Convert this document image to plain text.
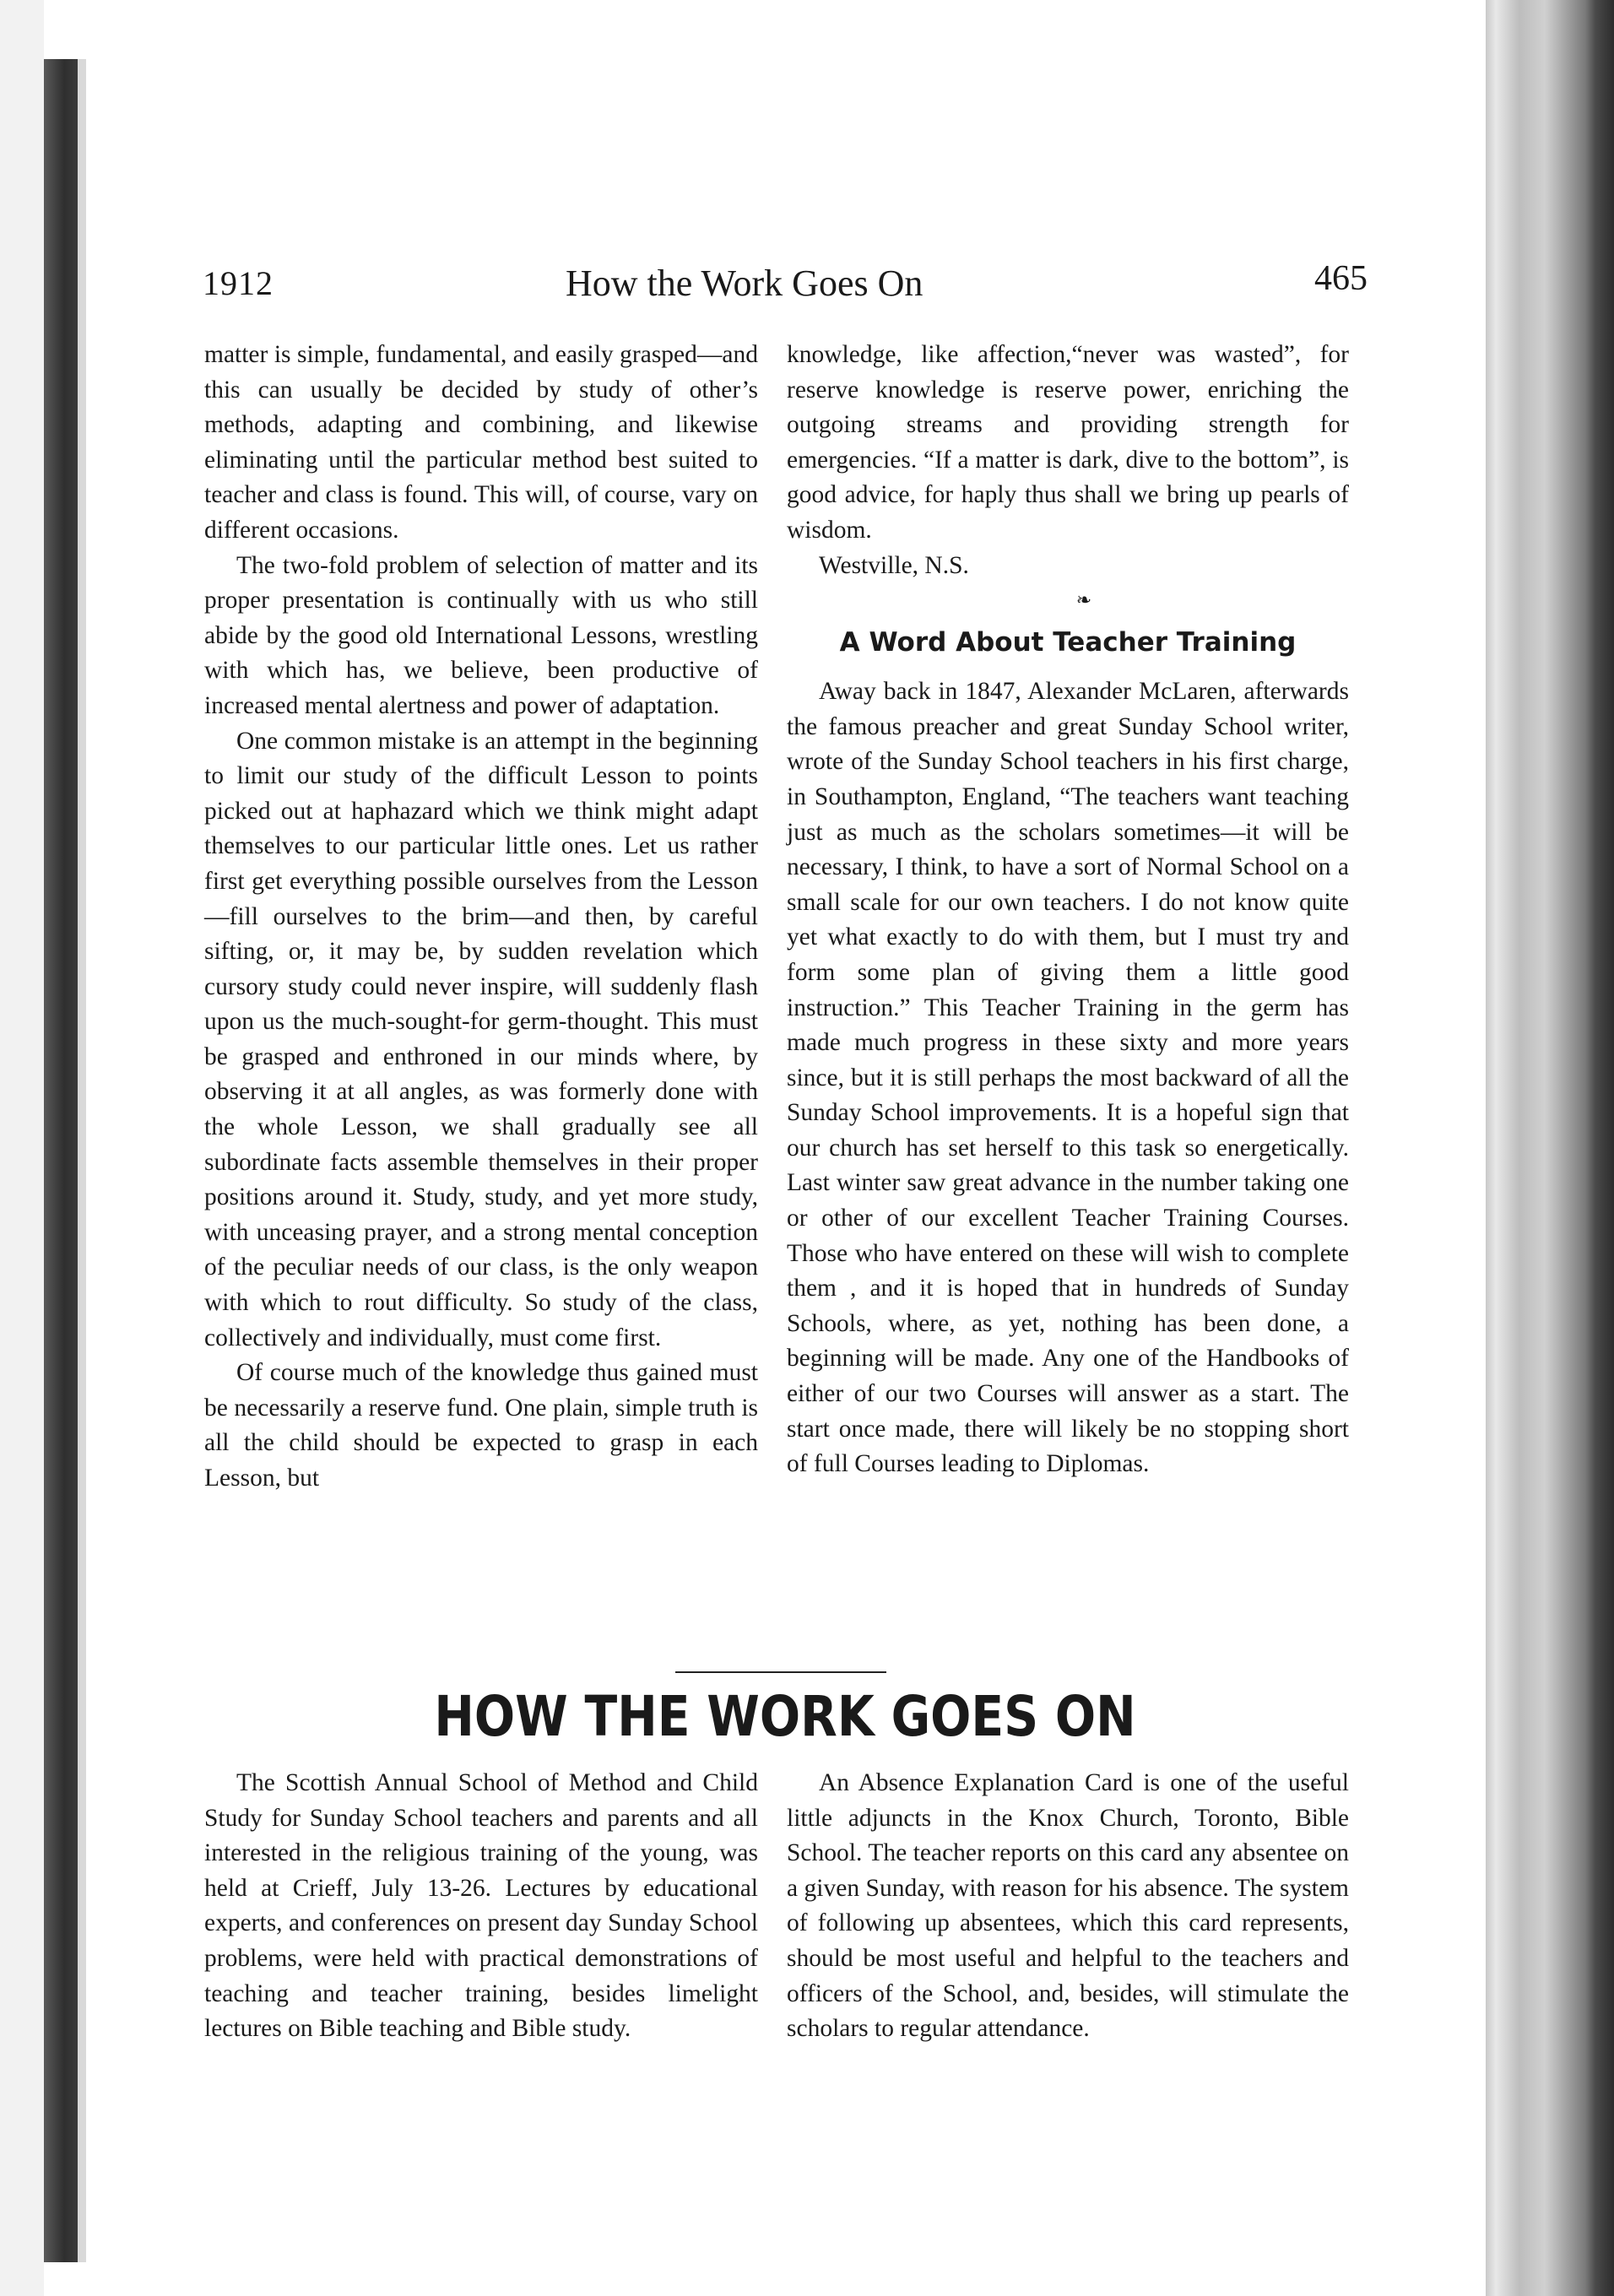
1912	How the Work Goes On	465

matter is simple, fundamental, and easily grasped—and this can usually be decided by study of other’s methods, adapting and combining, and likewise eliminating until the particular method best suited to teacher and class is found. This will, of course, vary on different occasions.

The two-fold problem of selection of matter and its proper presentation is continually with us who still abide by the good old International Lessons, wrestling with which has, we believe, been productive of increased mental alertness and power of adaptation.

One common mistake is an attempt in the beginning to limit our study of the difficult Lesson to points picked out at haphazard which we think might adapt themselves to our particular little ones. Let us rather first get everything possible ourselves from the Lesson—fill ourselves to the brim—and then, by careful sifting, or, it may be, by sudden revelation which cursory study could never inspire, will suddenly flash upon us the much-sought-for germ-thought. This must be grasped and enthroned in our minds where, by observing it at all angles, as was formerly done with the whole Lesson, we shall gradually see all subordinate facts assemble themselves in their proper positions around it. Study, study, and yet more study, with unceasing prayer, and a strong mental conception of the peculiar needs of our class, is the only weapon with which to rout difficulty. So study of the class, collectively and individually, must come first.

Of course much of the knowledge thus gained must be necessarily a reserve fund. One plain, simple truth is all the child should be expected to grasp in each Lesson, but

knowledge, like affection,“never was wasted”, for reserve knowledge is reserve power, enriching the outgoing streams and providing strength for emergencies. “If a matter is dark, dive to the bottom”, is good advice, for haply thus shall we bring up pearls of wisdom.

Westville, N.S.

❧

A Word About Teacher Training

Away back in 1847, Alexander McLaren, afterwards the famous preacher and great Sunday School writer, wrote of the Sunday School teachers in his first charge, in Southampton, England, “The teachers want teaching just as much as the scholars sometimes—it will be necessary, I think, to have a sort of Normal School on a small scale for our own teachers. I do not know quite yet what exactly to do with them, but I must try and form some plan of giving them a little good instruction.” This Teacher Training in the germ has made much progress in these sixty and more years since, but it is still perhaps the most backward of all the Sunday School improvements. It is a hopeful sign that our church has set herself to this task so energetically. Last winter saw great advance in the number taking one or other of our excellent Teacher Training Courses. Those who have entered on these will wish to complete them , and it is hoped that in hundreds of Sunday Schools, where, as yet, nothing has been done, a beginning will be made. Any one of the Handbooks of either of our two Courses will answer as a start. The start once made, there will likely be no stopping short of full Courses leading to Diplomas.

HOW THE WORK GOES ON

The Scottish Annual School of Method and Child Study for Sunday School teachers and parents and all interested in the religious training of the young, was held at Crieff, July 13-26. Lectures by educational experts, and conferences on present day Sunday School problems, were held with practical demonstrations of teaching and teacher training, besides limelight lectures on Bible teaching and Bible study.

An Absence Explanation Card is one of the useful little adjuncts in the Knox Church, Toronto, Bible School. The teacher reports on this card any absentee on a given Sunday, with reason for his absence. The system of following up absentees, which this card represents, should be most useful and helpful to the teachers and officers of the School, and, besides, will stimulate the scholars to regular attendance.
